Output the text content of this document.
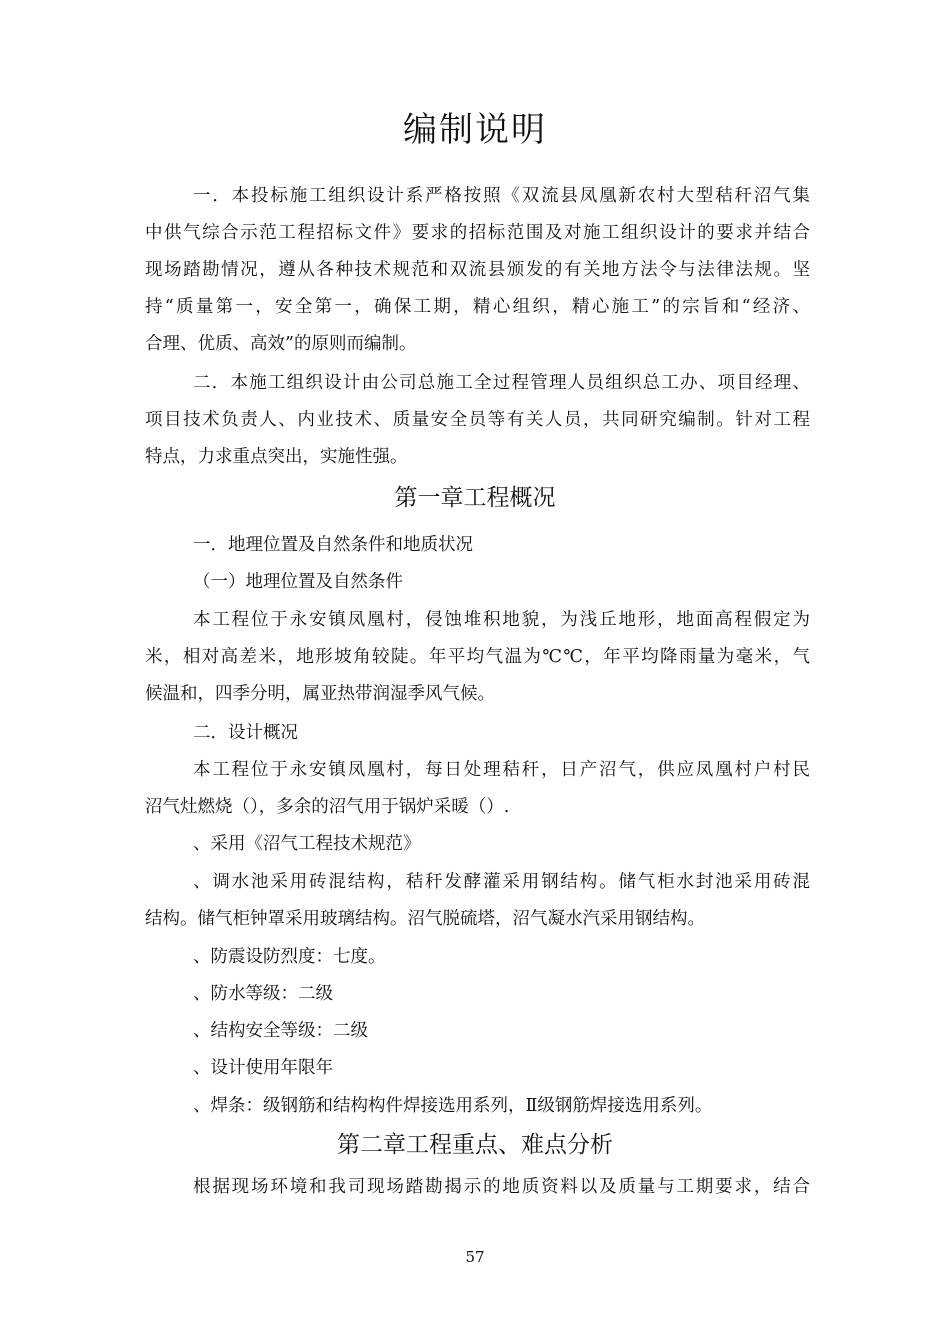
编制说明
一．本投标施工组织设计系严格按照《双流县凤凰新农村大型秸秆沼气集
中供气综合示范工程招标文件》要求的招标范围及对施工组织设计的要求并结合
现场踏勘情况，遵从各种技术规范和双流县颁发的有关地方法令与法律法规。坚
持“质量第一，安全第一，确保工期，精心组织，精心施工”的宗旨和“经济、
合理、优质、高效”的原则而编制。
二．本施工组织设计由公司总施工全过程管理人员组织总工办、项目经理、
项目技术负责人、内业技术、质量安全员等有关人员，共同研究编制。针对工程
特点，力求重点突出，实施性强。
第一章工程概况
一．地理位置及自然条件和地质状况
（一）地理位置及自然条件
本工程位于永安镇凤凰村，侵蚀堆积地貌，为浅丘地形，地面高程假定为
米，相对高差米，地形坡角较陡。年平均气温为℃℃，年平均降雨量为毫米，气
候温和，四季分明，属亚热带润湿季风气候。
二．设计概况
本工程位于永安镇凤凰村，每日处理秸秆，日产沼气，供应凤凰村户村民
沼气灶燃烧（），多余的沼气用于锅炉采暖（）.
、采用《沼气工程技术规范》
、调水池采用砖混结构，秸秆发酵灌采用钢结构。储气柜水封池采用砖混
结构。储气柜钟罩采用玻璃结构。沼气脱硫塔，沼气凝水汽采用钢结构。
、防震设防烈度：七度。
、防水等级：二级
、结构安全等级：二级
、设计使用年限年
、焊条：级钢筋和结构构件焊接选用系列，Ⅱ级钢筋焊接选用系列。
第二章工程重点、难点分析
根据现场环境和我司现场踏勘揭示的地质资料以及质量与工期要求，结合
57
